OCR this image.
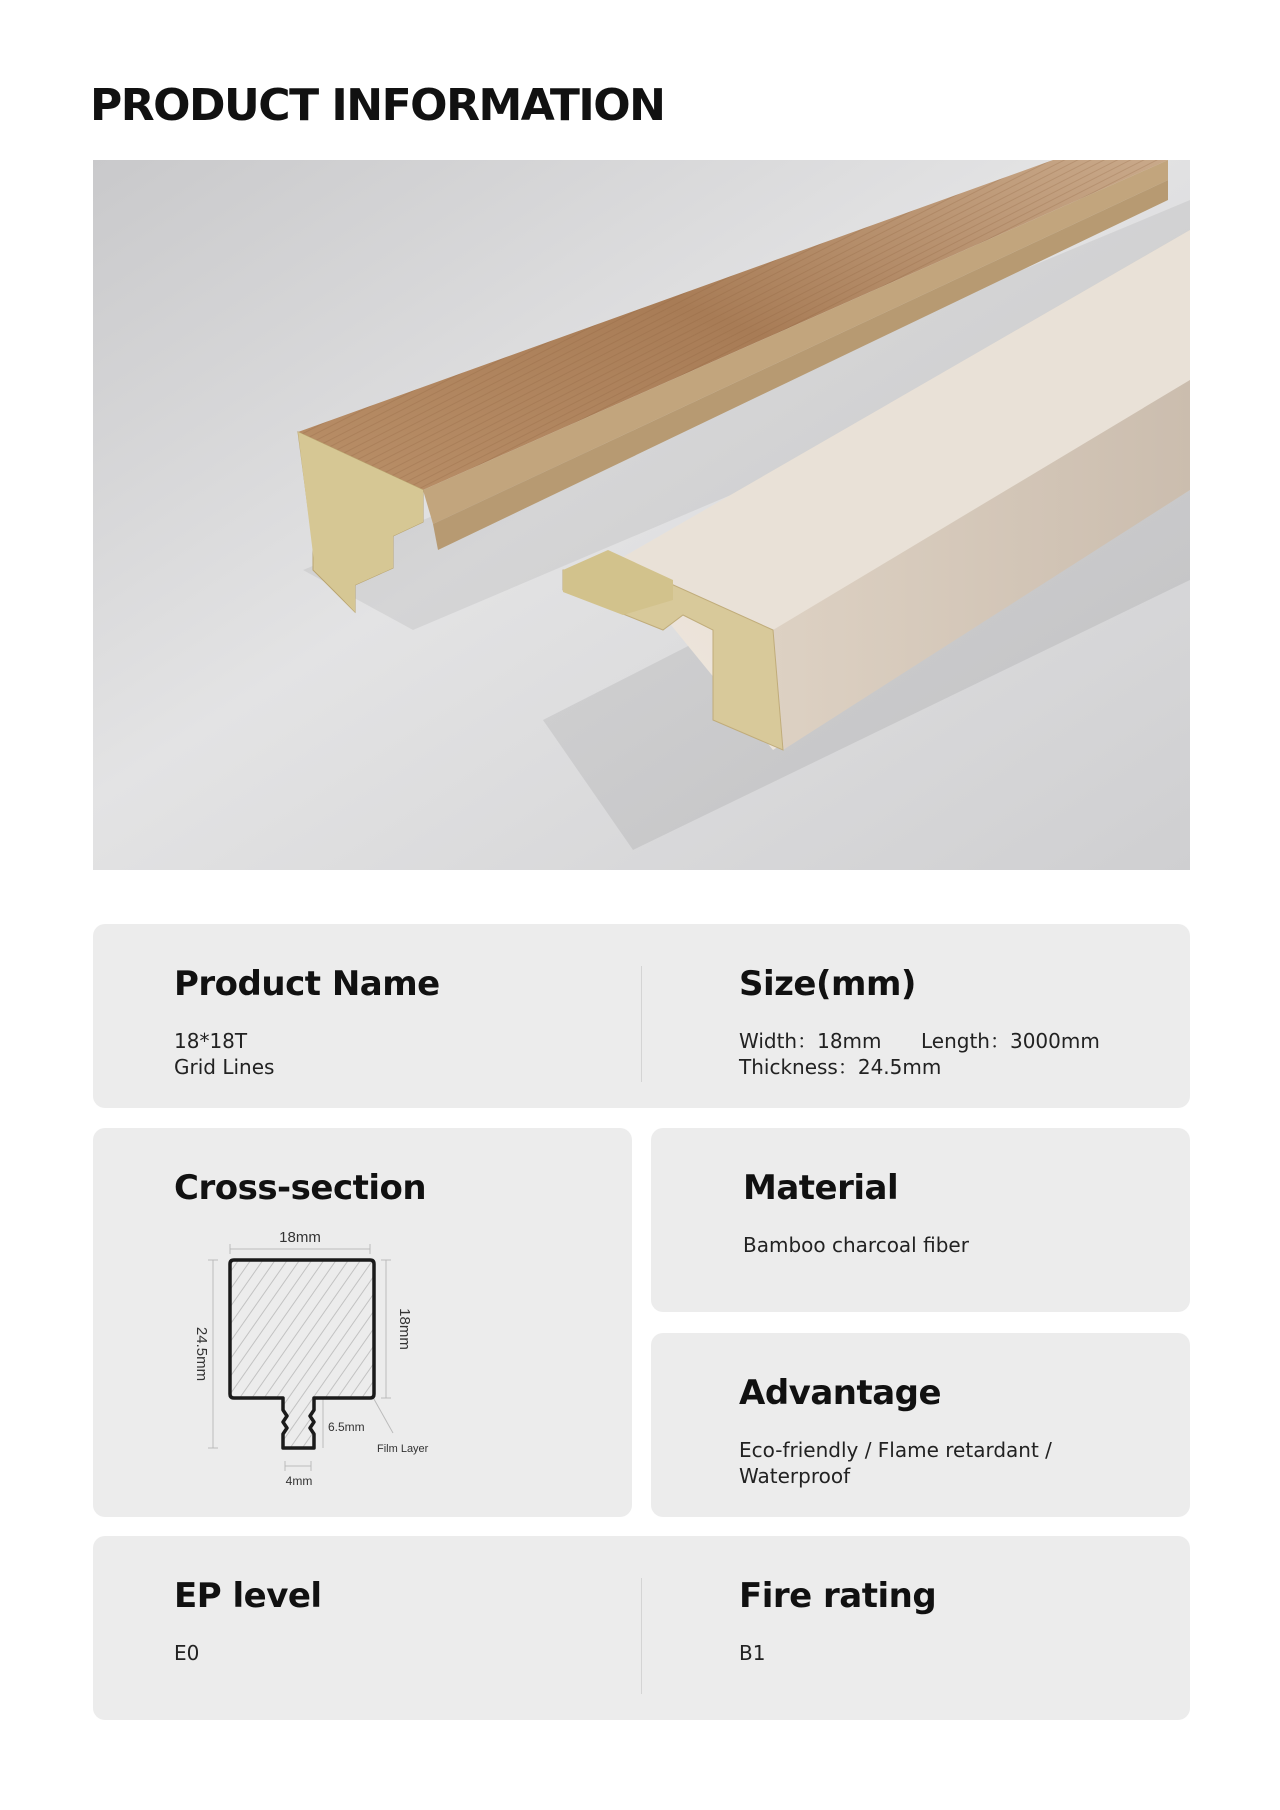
PRODUCT INFORMATION
Product Name
18*18T
Grid Lines
Size(mm)
Width：18mm Length：3000mm
Thickness：24.5mm
Cross-section
18mm
24.5mm	18mm
6.5mm
4mm
Film Layer
Material
Bamboo charcoal fiber
Advantage
Eco-friendly / Flame retardant /
Waterproof
EP level
E0
Fire rating
B1
